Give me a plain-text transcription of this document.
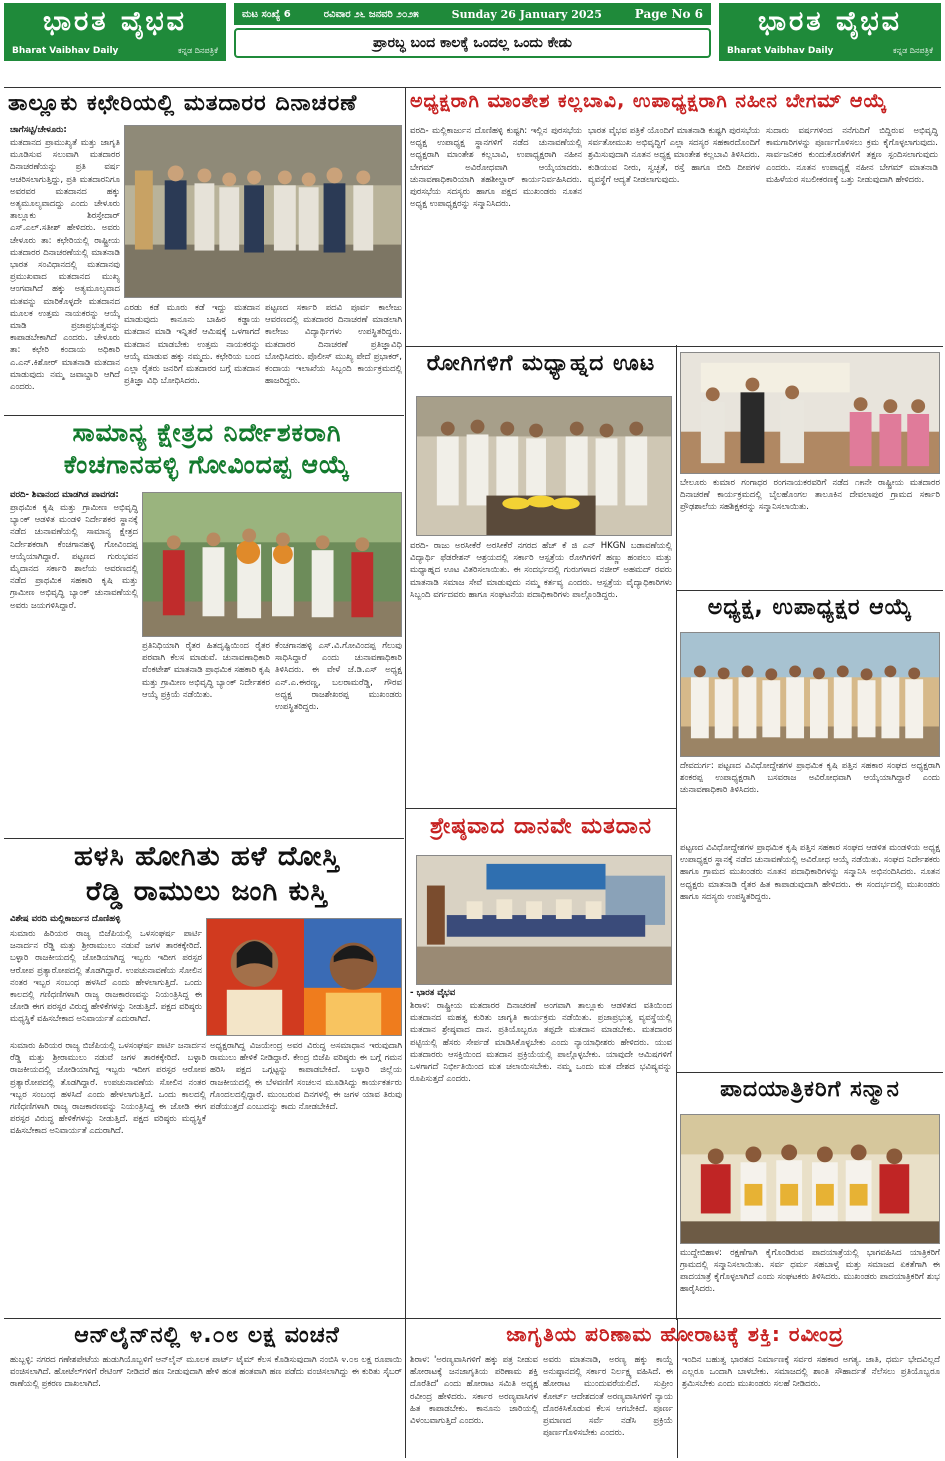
ಭಾರತ ವೈಭವ
Bharat Vaibhav Daily	ಕನ್ನಡ ದಿನಪತ್ರಿಕೆ
ಮಟ ಸಂಖ್ಯೆ 6	ರವಿವಾರ ೨೬ ಜನವರಿ ೨೦೨೫	Sunday 26 January 2025	Page No 6
ಪ್ರಾರಬ್ಧ ಬಂದ ಕಾಲಕ್ಕೆ ಒಂದಲ್ಲ ಒಂದು ಕೇಡು
ಭಾರತ ವೈಭವ
Bharat Vaibhav Daily	ಕನ್ನಡ ದಿನಪತ್ರಿಕೆ
ತಾಲ್ಲೂಕು ಕಛೇರಿಯಲ್ಲಿ ಮತದಾರರ ದಿನಾಚರಣೆ
ಚಾಗೆಸಟ್ಟಿ/ಚೇಳೂರು:
ಮತದಾನದ ಪ್ರಾಮುಖ್ಯತೆ ಮತ್ತು ಜಾಗೃತಿ ಮೂಡಿಸುವ ಸಲುವಾಗಿ ಮತದಾರರ ದಿನಾಚರಣೆಯನ್ನು ಪ್ರತಿ ವರ್ಷ ಆಚರಿಸಲಾಗುತ್ತಿದ್ದು, ಪ್ರತಿ ಮತದಾರನಿಗೂ ಅವರವರ ಮತದಾನದ ಹಕ್ಕು ಅತ್ಯಮೂಲ್ಯವಾದದ್ದು ಎಂದು ಚೇಳೂರು ತಾಲ್ಲೂಕು ಶಿರಸ್ತೇದಾರ್ ಎಸ್.ಎಲ್.ಸತೀಶ್ ಹೇಳಿದರು. ಅವರು ಚೇಳೂರು ತಾ: ಕಛೇರಿಯಲ್ಲಿ ರಾಷ್ಟ್ರೀಯ ಮತದಾರರ ದಿನಾಚರಣೆಯಲ್ಲಿ ಮಾತನಾಡಿ ಭಾರತ ಸಂವಿಧಾನದಲ್ಲಿ ಮತದಾನವು ಪ್ರಮುಖವಾದ ಮತದಾನದ ಮುಖ್ಯ ಆಂಗವಾಗಿದೆ ಹಕ್ಕು ಅತ್ಯಮೂಲ್ಯವಾದ ಮತವನ್ನು ಮಾರಿಕೊಳ್ಳದೇ ಮತದಾನದ ಮೂಲಕ ಉತ್ತಮ ನಾಯಕರನ್ನು ಆಯ್ಕೆ ಮಾಡಿ ಪ್ರಜಾಪ್ರಭುತ್ವವನ್ನು ಕಾಪಾಡಬೇಕಾಗಿದೆ ಎಂದರು. ಚೇಳೂರು ತಾ: ಕಛೇರಿ ಕಂದಾಯ ಅಧಿಕಾರಿ ಎ.ಎನ್.ಕಿಶೋರ್ ಮಾತನಾಡಿ ಮತದಾನ ಮಾಡುವುದು ನಮ್ಮ ಜವಾಬ್ದಾರಿ ಆಗಿದೆ ಎಂದರು.
ಎರಡು ಕಡೆ ಮೂರು ಕಡೆ ಇದ್ದು ಮತದಾನ ಮಾಡುವುದು ಕಾನೂನು ಬಾಹಿರ ಕಡ್ಡಾಯ ಮತದಾನ ಮಾಡಿ ಇನ್ನಿತರೆ ಆಮಿಷಕ್ಕೆ ಒಳಗಾಗದೆ ಮತದಾನ ಮಾಡಬೇಕು ಉತ್ತಮ ನಾಯಕರನ್ನು ಆಯ್ಕೆ ಮಾಡುವ ಹಕ್ಕು ನಮ್ಮದು. ಕಛೇರಿಯ ಬಂದ ಎಲ್ಲಾ ರೈತರು ಜನರಿಗೆ ಮತದಾರರ ಬಗ್ಗೆ ಮತದಾನ ಪ್ರತಿಜ್ಞಾ ವಿಧಿ ಬೋಧಿಸಿದರು.
ಪಟ್ಟಣದ ಸರ್ಕಾರಿ ಪದವಿ ಪೂರ್ವ ಕಾಲೇಜು ಆವರಣದಲ್ಲಿ ಮತದಾರರ ದಿನಾಚರಣೆ ಮಾಡಲಾಗಿ ಕಾಲೇಜು ವಿದ್ಯಾರ್ಥಿಗಳು ಉಪಸ್ಥಿತರಿದ್ದರು. ಮತದಾರರ ದಿನಾಚರಣೆ ಪ್ರತಿಜ್ಞಾವಿಧಿ ಬೋಧಿಸಿದರು. ಪೊಲೀಸ್ ಮುಖ್ಯ ಪೇದೆ ಪ್ರಭಾಕರ್, ಕಂದಾಯ ಇಲಾಖೆಯ ಸಿಬ್ಬಂದಿ ಕಾರ್ಯಕ್ರಮದಲ್ಲಿ ಹಾಜರಿದ್ದರು.
ಸಾಮಾನ್ಯ ಕ್ಷೇತ್ರದ ನಿರ್ದೇಶಕರಾಗಿ
ಕೆಂಚಗಾನಹಳ್ಳಿ ಗೋವಿಂದಪ್ಪ ಆಯ್ಕೆ
ವರದಿ- ಶಿವಾನಂದ ಮಾಡಗಿಡ ಪಾವಗಡ:
ಪ್ರಾಥಮಿಕ ಕೃಷಿ ಮತ್ತು ಗ್ರಾಮೀಣ ಅಭಿವೃದ್ಧಿ ಬ್ಯಾಂಕ್ ಆಡಳಿತ ಮಂಡಳಿ ನಿರ್ದೇಶಕರ ಸ್ಥಾನಕ್ಕೆ ನಡೆದ ಚುನಾವಣೆಯಲ್ಲಿ ಸಾಮಾನ್ಯ ಕ್ಷೇತ್ರದ ನಿರ್ದೇಶಕರಾಗಿ ಕೆಂಚಗಾನಹಳ್ಳಿ ಗೋವಿಂದಪ್ಪ ಆಯ್ಕೆಯಾಗಿದ್ದಾರೆ. ಪಟ್ಟಣದ ಗುರುಭವನ ಮೈದಾನದ ಸರ್ಕಾರಿ ಶಾಲೆಯ ಆವರಣದಲ್ಲಿ ನಡೆದ ಪ್ರಾಥಮಿಕ ಸಹಕಾರಿ ಕೃಷಿ ಮತ್ತು ಗ್ರಾಮೀಣ ಅಭಿವೃದ್ಧಿ ಬ್ಯಾಂಕ್ ಚುನಾವಣೆಯಲ್ಲಿ ಅವರು ಜಯಗಳಿಸಿದ್ದಾರೆ.
ಪ್ರತಿನಿಧಿಯಾಗಿ ರೈತರ ಹಿತದೃಷ್ಟಿಯಿಂದ ರೈತರ ಪರವಾಗಿ ಕೆಲಸ ಮಾಡುವೆ. ಚುನಾವಣಾಧಿಕಾರಿ ವೆಂಕಟೇಶ್ ಮಾತನಾಡಿ ಪ್ರಾಥಮಿಕ ಸಹಕಾರಿ ಕೃಷಿ ಮತ್ತು ಗ್ರಾಮೀಣ ಅಭಿವೃದ್ಧಿ ಬ್ಯಾಂಕ್ ನಿರ್ದೇಶಕರ ಆಯ್ಕೆ ಪ್ರಕ್ರಿಯೆ ನಡೆಯಿತು.
ಕೆಂಚಗಾನಹಳ್ಳಿ ಎಸ್.ವಿ.ಗೋವಿಂದಪ್ಪ ಗೆಲುವು ಸಾಧಿಸಿದ್ದಾರೆ ಎಂದು ಚುನಾವಣಾಧಿಕಾರಿ ತಿಳಿಸಿದರು. ಈ ವೇಳೆ ಜೆ.ಡಿ.ಎಸ್ ಅಧ್ಯಕ್ಷ ಎನ್.ಎ.ಈರಣ್ಣ, ಬಲರಾಮರೆಡ್ಡಿ, ಗೌರವ ಅಧ್ಯಕ್ಷ ರಾಜಶೇಖರಪ್ಪ ಮುಖಂಡರು ಉಪಸ್ಥಿತರಿದ್ದರು.
ಹಳಸಿ ಹೋಗಿತು ಹಳೆ ದೋಸ್ತಿ
ರೆಡ್ಡಿ ರಾಮುಲು ಜಂಗಿ ಕುಸ್ತಿ
ವಿಶೇಷ ವರದಿ ಮಲ್ಲಿಕಾರ್ಜುನ ದೊಣಿಹಳ್ಳಿ
ಸುಮಾರು ಹಿರಿಯರ ರಾಜ್ಯ ಬಿಜೆಪಿಯಲ್ಲಿ ಒಳಸಂಘರ್ಷ ಪಾರ್ಟಿ ಜನಾರ್ದನ ರೆಡ್ಡಿ ಮತ್ತು ಶ್ರೀರಾಮುಲು ನಡುವೆ ಜಗಳ ತಾರಕಕ್ಕೇರಿದೆ. ಬಳ್ಳಾರಿ ರಾಜಕೀಯದಲ್ಲಿ ಜೋಡಿಯಾಗಿದ್ದ ಇಬ್ಬರು ಇದೀಗ ಪರಸ್ಪರ ಆರೋಪ ಪ್ರತ್ಯಾರೋಪದಲ್ಲಿ ತೊಡಗಿದ್ದಾರೆ. ಉಪಚುನಾವಣೆಯ ಸೋಲಿನ ನಂತರ ಇಬ್ಬರ ಸಂಬಂಧ ಹಳಸಿದೆ ಎಂದು ಹೇಳಲಾಗುತ್ತಿದೆ. ಒಂದು ಕಾಲದಲ್ಲಿ ಗಣಿಧಣಿಗಳಾಗಿ ರಾಜ್ಯ ರಾಜಕಾರಣವನ್ನು ನಿಯಂತ್ರಿಸಿದ್ದ ಈ ಜೋಡಿ ಈಗ ಪರಸ್ಪರ ವಿರುದ್ಧ ಹೇಳಿಕೆಗಳನ್ನು ನೀಡುತ್ತಿದೆ. ಪಕ್ಷದ ವರಿಷ್ಠರು ಮಧ್ಯಸ್ಥಿಕೆ ವಹಿಸಬೇಕಾದ ಅನಿವಾರ್ಯತೆ ಎದುರಾಗಿದೆ.
ಸುಮಾರು ಹಿರಿಯರ ರಾಜ್ಯ ಬಿಜೆಪಿಯಲ್ಲಿ ಒಳಸಂಘರ್ಷ ಪಾರ್ಟಿ ಜನಾರ್ದನ ರೆಡ್ಡಿ ಮತ್ತು ಶ್ರೀರಾಮುಲು ನಡುವೆ ಜಗಳ ತಾರಕಕ್ಕೇರಿದೆ. ಬಳ್ಳಾರಿ ರಾಜಕೀಯದಲ್ಲಿ ಜೋಡಿಯಾಗಿದ್ದ ಇಬ್ಬರು ಇದೀಗ ಪರಸ್ಪರ ಆರೋಪ ಪ್ರತ್ಯಾರೋಪದಲ್ಲಿ ತೊಡಗಿದ್ದಾರೆ. ಉಪಚುನಾವಣೆಯ ಸೋಲಿನ ನಂತರ ಇಬ್ಬರ ಸಂಬಂಧ ಹಳಸಿದೆ ಎಂದು ಹೇಳಲಾಗುತ್ತಿದೆ. ಒಂದು ಕಾಲದಲ್ಲಿ ಗಣಿಧಣಿಗಳಾಗಿ ರಾಜ್ಯ ರಾಜಕಾರಣವನ್ನು ನಿಯಂತ್ರಿಸಿದ್ದ ಈ ಜೋಡಿ ಈಗ ಪರಸ್ಪರ ವಿರುದ್ಧ ಹೇಳಿಕೆಗಳನ್ನು ನೀಡುತ್ತಿದೆ. ಪಕ್ಷದ ವರಿಷ್ಠರು ಮಧ್ಯಸ್ಥಿಕೆ ವಹಿಸಬೇಕಾದ ಅನಿವಾರ್ಯತೆ ಎದುರಾಗಿದೆ.
ಅಧ್ಯಕ್ಷರಾಗಿದ್ದ ವಿಜಯೇಂದ್ರ ಅವರ ವಿರುದ್ಧ ಅಸಮಾಧಾನ ಇರುವುದಾಗಿ ರಾಮುಲು ಹೇಳಿಕೆ ನೀಡಿದ್ದಾರೆ. ಕೇಂದ್ರ ಬಿಜೆಪಿ ವರಿಷ್ಠರು ಈ ಬಗ್ಗೆ ಗಮನ ಹರಿಸಿ ಪಕ್ಷದ ಒಗ್ಗಟ್ಟನ್ನು ಕಾಪಾಡಬೇಕಿದೆ. ಬಳ್ಳಾರಿ ಜಿಲ್ಲೆಯ ರಾಜಕೀಯದಲ್ಲಿ ಈ ಬೆಳವಣಿಗೆ ಸಂಚಲನ ಮೂಡಿಸಿದ್ದು ಕಾರ್ಯಕರ್ತರು ಗೊಂದಲದಲ್ಲಿದ್ದಾರೆ. ಮುಂಬರುವ ದಿನಗಳಲ್ಲಿ ಈ ಜಗಳ ಯಾವ ತಿರುವು ಪಡೆಯುತ್ತದೆ ಎಂಬುದನ್ನು ಕಾದು ನೋಡಬೇಕಿದೆ.
ಆನ್‌ಲೈನ್‌ನಲ್ಲಿ ೪.೦೮ ಲಕ್ಷ ವಂಚನೆ
ಹುಬ್ಬಳ್ಳಿ: ನಗರದ ಗಣೇಶಪೇಟೆಯ ಹುಡುಗಿಯೊಬ್ಬಳಿಗೆ ಆನ್‌ಲೈನ್ ಮೂಲಕ ಪಾರ್ಟ್ ಟೈಮ್ ಕೆಲಸ ಕೊಡಿಸುವುದಾಗಿ ನಂಬಿಸಿ ೪.೦೮ ಲಕ್ಷ ರೂಪಾಯಿ ವಂಚಿಸಲಾಗಿದೆ. ಹೋಟೆಲ್‌ಗಳಿಗೆ ರೇಟಿಂಗ್ ನೀಡಿದರೆ ಹಣ ನೀಡುವುದಾಗಿ ಹೇಳಿ ಹಂತ ಹಂತವಾಗಿ ಹಣ ಪಡೆದು ವಂಚಿಸಲಾಗಿದ್ದು ಈ ಕುರಿತು ಸೈಬರ್ ಠಾಣೆಯಲ್ಲಿ ಪ್ರಕರಣ ದಾಖಲಾಗಿದೆ.
ಅಧ್ಯಕ್ಷರಾಗಿ ಮಾಂತೇಶ ಕಲ್ಲಬಾವಿ, ಉಪಾಧ್ಯಕ್ಷರಾಗಿ ನಹೀನ ಬೇಗಮ್ ಆಯ್ಕೆ
ವರದಿ- ಮಲ್ಲಿಕಾರ್ಜುನ ದೊಣಿಹಳ್ಳಿ ಕುಷ್ಟಗಿ: ಇಲ್ಲಿನ ಪುರಸಭೆಯ ಅಧ್ಯಕ್ಷ ಉಪಾಧ್ಯಕ್ಷ ಸ್ಥಾನಗಳಿಗೆ ನಡೆದ ಚುನಾವಣೆಯಲ್ಲಿ ಅಧ್ಯಕ್ಷರಾಗಿ ಮಾಂತೇಶ ಕಲ್ಲಬಾವಿ, ಉಪಾಧ್ಯಕ್ಷರಾಗಿ ನಹೀನ ಬೇಗಮ್ ಅವಿರೋಧವಾಗಿ ಆಯ್ಕೆಯಾದರು. ಚುನಾವಣಾಧಿಕಾರಿಯಾಗಿ ತಹಶೀಲ್ದಾರ್ ಕಾರ್ಯನಿರ್ವಹಿಸಿದರು. ಪುರಸಭೆಯ ಸದಸ್ಯರು ಹಾಗೂ ಪಕ್ಷದ ಮುಖಂಡರು ನೂತನ ಅಧ್ಯಕ್ಷ ಉಪಾಧ್ಯಕ್ಷರನ್ನು ಸನ್ಮಾನಿಸಿದರು.
ಭಾರತ ವೈಭವ ಪತ್ರಿಕೆ ಯೊಂದಿಗೆ ಮಾತನಾಡಿ ಕುಷ್ಟಗಿ ಪುರಸಭೆಯ ಸರ್ವತೋಮುಖ ಅಭಿವೃದ್ಧಿಗೆ ಎಲ್ಲಾ ಸದಸ್ಯರ ಸಹಕಾರದೊಂದಿಗೆ ಶ್ರಮಿಸುವುದಾಗಿ ನೂತನ ಅಧ್ಯಕ್ಷ ಮಾಂತೇಶ ಕಲ್ಲಬಾವಿ ತಿಳಿಸಿದರು. ಕುಡಿಯುವ ನೀರು, ಸ್ವಚ್ಛತೆ, ರಸ್ತೆ ಹಾಗೂ ಬೀದಿ ದೀಪಗಳ ವ್ಯವಸ್ಥೆಗೆ ಆದ್ಯತೆ ನೀಡಲಾಗುವುದು.
ಸುದಾರು ವರ್ಷಗಳಿಂದ ನನೆಗುದಿಗೆ ಬಿದ್ದಿರುವ ಅಭಿವೃದ್ಧಿ ಕಾಮಗಾರಿಗಳನ್ನು ಪೂರ್ಣಗೊಳಿಸಲು ಕ್ರಮ ಕೈಗೊಳ್ಳಲಾಗುವುದು. ಸಾರ್ವಜನಿಕರ ಕುಂದುಕೊರತೆಗಳಿಗೆ ತಕ್ಷಣ ಸ್ಪಂದಿಸಲಾಗುವುದು ಎಂದರು. ನೂತನ ಉಪಾಧ್ಯಕ್ಷೆ ನಹೀನ ಬೇಗಮ್ ಮಾತನಾಡಿ ಮಹಿಳೆಯರ ಸಬಲೀಕರಣಕ್ಕೆ ಒತ್ತು ನೀಡುವುದಾಗಿ ಹೇಳಿದರು.
ರೋಗಿಗಳಿಗೆ ಮಧ್ಯಾಹ್ನದ ಊಟ
ವರದಿ- ರಾಜು ಅರಸೀಕೆರೆ ಅರಸೀಕೆರೆ ನಗರದ ಹೆಚ್ ಕೆ ಜಿ ಎನ್ HKGN ಬಡಾವಣೆಯಲ್ಲಿ ವಿದ್ಯಾರ್ಥಿ ಫೆಡರೇಶನ್ ಆಶ್ರಯದಲ್ಲಿ ಸರ್ಕಾರಿ ಆಸ್ಪತ್ರೆಯ ರೋಗಿಗಳಿಗೆ ಹಣ್ಣು ಹಂಪಲು ಮತ್ತು ಮಧ್ಯಾಹ್ನದ ಊಟ ವಿತರಿಸಲಾಯಿತು. ಈ ಸಂದರ್ಭದಲ್ಲಿ ಗುರುಗಳಾದ ನಜೀರ್ ಅಹಮದ್ ರವರು ಮಾತನಾಡಿ ಸಮಾಜ ಸೇವೆ ಮಾಡುವುದು ನಮ್ಮ ಕರ್ತವ್ಯ ಎಂದರು. ಆಸ್ಪತ್ರೆಯ ವೈದ್ಯಾಧಿಕಾರಿಗಳು ಸಿಬ್ಬಂದಿ ವರ್ಗದವರು ಹಾಗೂ ಸಂಘಟನೆಯ ಪದಾಧಿಕಾರಿಗಳು ಪಾಲ್ಗೊಂಡಿದ್ದರು.
ಬೇಲೂರು ಕುಮಾರ ಗಂಗಾಧರ ರಂಗನಾಯಕರವರಿಗೆ ನಡೆದ ೧೫ನೇ ರಾಷ್ಟ್ರೀಯ ಮತದಾರರ ದಿನಾಚರಣೆ ಕಾರ್ಯಕ್ರಮದಲ್ಲಿ ಬೈಲಹೊಂಗಲ ತಾಲೂಕಿನ ದೇವಲಾಪುರ ಗ್ರಾಮದ ಸರ್ಕಾರಿ ಪ್ರೌಢಶಾಲೆಯ ಸಹಶಿಕ್ಷಕರನ್ನು ಸನ್ಮಾನಿಸಲಾಯಿತು.
ಅಧ್ಯಕ್ಷ, ಉಪಾಧ್ಯಕ್ಷರ ಆಯ್ಕೆ
ದೇವದುರ್ಗ: ಪಟ್ಟಣದ ವಿವಿಧೋದ್ದೇಶಗಳ ಪ್ರಾಥಮಿಕ ಕೃಷಿ ಪತ್ತಿನ ಸಹಕಾರ ಸಂಘದ ಅಧ್ಯಕ್ಷರಾಗಿ ಶಂಕರಪ್ಪ ಉಪಾಧ್ಯಕ್ಷರಾಗಿ ಬಸವರಾಜ ಅವಿರೋಧವಾಗಿ ಆಯ್ಕೆಯಾಗಿದ್ದಾರೆ ಎಂದು ಚುನಾವಣಾಧಿಕಾರಿ ತಿಳಿಸಿದರು.
ಪಟ್ಟಣದ ವಿವಿಧೋದ್ದೇಶಗಳ ಪ್ರಾಥಮಿಕ ಕೃಷಿ ಪತ್ತಿನ ಸಹಕಾರ ಸಂಘದ ಆಡಳಿತ ಮಂಡಳಿಯ ಅಧ್ಯಕ್ಷ ಉಪಾಧ್ಯಕ್ಷರ ಸ್ಥಾನಕ್ಕೆ ನಡೆದ ಚುನಾವಣೆಯಲ್ಲಿ ಅವಿರೋಧ ಆಯ್ಕೆ ನಡೆಯಿತು. ಸಂಘದ ನಿರ್ದೇಶಕರು ಹಾಗೂ ಗ್ರಾಮದ ಮುಖಂಡರು ನೂತನ ಪದಾಧಿಕಾರಿಗಳನ್ನು ಸನ್ಮಾನಿಸಿ ಅಭಿನಂದಿಸಿದರು. ನೂತನ ಅಧ್ಯಕ್ಷರು ಮಾತನಾಡಿ ರೈತರ ಹಿತ ಕಾಪಾಡುವುದಾಗಿ ಹೇಳಿದರು. ಈ ಸಂದರ್ಭದಲ್ಲಿ ಮುಖಂಡರು ಹಾಗೂ ಸದಸ್ಯರು ಉಪಸ್ಥಿತರಿದ್ದರು.
ಶ್ರೇಷ್ಠವಾದ ದಾನವೇ ಮತದಾನ
- ಭಾರತ ವೈಭವ
ಶಿರಾಳ: ರಾಷ್ಟ್ರೀಯ ಮತದಾರರ ದಿನಾಚರಣೆ ಅಂಗವಾಗಿ ತಾಲ್ಲೂಕು ಆಡಳಿತದ ವತಿಯಿಂದ ಮತದಾನದ ಮಹತ್ವ ಕುರಿತು ಜಾಗೃತಿ ಕಾರ್ಯಕ್ರಮ ನಡೆಯಿತು. ಪ್ರಜಾಪ್ರಭುತ್ವ ವ್ಯವಸ್ಥೆಯಲ್ಲಿ ಮತದಾನ ಶ್ರೇಷ್ಠವಾದ ದಾನ. ಪ್ರತಿಯೊಬ್ಬರೂ ತಪ್ಪದೇ ಮತದಾನ ಮಾಡಬೇಕು. ಮತದಾರರ ಪಟ್ಟಿಯಲ್ಲಿ ಹೆಸರು ಸೇರ್ಪಡೆ ಮಾಡಿಸಿಕೊಳ್ಳಬೇಕು ಎಂದು ನ್ಯಾಯಾಧೀಶರು ಹೇಳಿದರು. ಯುವ ಮತದಾರರು ಆಸಕ್ತಿಯಿಂದ ಮತದಾನ ಪ್ರಕ್ರಿಯೆಯಲ್ಲಿ ಪಾಲ್ಗೊಳ್ಳಬೇಕು. ಯಾವುದೇ ಆಮಿಷಗಳಿಗೆ ಒಳಗಾಗದೆ ನಿರ್ಭೀತಿಯಿಂದ ಮತ ಚಲಾಯಿಸಬೇಕು. ನಮ್ಮ ಒಂದು ಮತ ದೇಶದ ಭವಿಷ್ಯವನ್ನು ರೂಪಿಸುತ್ತದೆ ಎಂದರು.	ಪಾದಯಾತ್ರಿಕರಿಗೆ ಸನ್ಮಾನ
ಮುದ್ದೇಬಿಹಾಳ: ರಕ್ಷಣೆಗಾಗಿ ಕೈಗೊಂಡಿರುವ ಪಾದಯಾತ್ರೆಯಲ್ಲಿ ಭಾಗವಹಿಸಿದ ಯಾತ್ರಿಕರಿಗೆ ಗ್ರಾಮದಲ್ಲಿ ಸನ್ಮಾನಿಸಲಾಯಿತು. ಸರ್ವ ಧರ್ಮ ಸಹಬಾಳ್ವೆ ಮತ್ತು ಸಮಾಜದ ಏಕತೆಗಾಗಿ ಈ ಪಾದಯಾತ್ರೆ ಕೈಗೊಳ್ಳಲಾಗಿದೆ ಎಂದು ಸಂಘಟಕರು ತಿಳಿಸಿದರು. ಮುಖಂಡರು ಪಾದಯಾತ್ರಿಕರಿಗೆ ಶುಭ ಹಾರೈಸಿದರು.
ಜಾಗೃತಿಯ ಪರಿಣಾಮ ಹೋರಾಟಕ್ಕೆ ಶಕ್ತಿ: ರವೀಂದ್ರ
ಶಿರಾಳ: 'ಅರಣ್ಯವಾಸಿಗಳಿಗೆ ಹಕ್ಕು ಪತ್ರ ನೀಡುವ ಹೋರಾಟಕ್ಕೆ ಜನಜಾಗೃತಿಯ ಪರಿಣಾಮ ಶಕ್ತಿ ದೊರೆತಿದೆ' ಎಂದು ಹೋರಾಟ ಸಮಿತಿ ಅಧ್ಯಕ್ಷ ರವೀಂದ್ರ ಹೇಳಿದರು. ಸರ್ಕಾರ ಅರಣ್ಯವಾಸಿಗಳ ಹಿತ ಕಾಪಾಡಬೇಕು. ಕಾನೂನು ಜಾರಿಯಲ್ಲಿ ವಿಳಂಬವಾಗುತ್ತಿದೆ ಎಂದರು.
ಅವರು ಮಾತನಾಡಿ, ಅರಣ್ಯ ಹಕ್ಕು ಕಾಯ್ದೆ ಅನುಷ್ಠಾನದಲ್ಲಿ ಸರ್ಕಾರ ನಿರ್ಲಕ್ಷ್ಯ ವಹಿಸಿದೆ. ಈ ಹೋರಾಟ ಮುಂದುವರೆಯಲಿದೆ. ಸುಪ್ರೀಂ ಕೋರ್ಟ್ ಆದೇಶದಂತೆ ಅರಣ್ಯವಾಸಿಗಳಿಗೆ ನ್ಯಾಯ ದೊರಕಿಸಿಕೊಡುವ ಕೆಲಸ ಆಗಬೇಕಿದೆ. ಪೂರ್ಣ ಪ್ರಮಾಣದ ಸರ್ವೆ ನಡೆಸಿ ಪ್ರಕ್ರಿಯೆ ಪೂರ್ಣಗೊಳಿಸಬೇಕು ಎಂದರು.
ಇಂದಿನ ಬಹುತ್ವ ಭಾರತದ ನಿರ್ಮಾಣಕ್ಕೆ ಸರ್ವರ ಸಹಕಾರ ಅಗತ್ಯ. ಜಾತಿ, ಧರ್ಮ ಭೇದವಿಲ್ಲದೆ ಎಲ್ಲರೂ ಒಂದಾಗಿ ಬಾಳಬೇಕು. ಸಮಾಜದಲ್ಲಿ ಶಾಂತಿ ಸೌಹಾರ್ದತೆ ನೆಲೆಸಲು ಪ್ರತಿಯೊಬ್ಬರೂ ಶ್ರಮಿಸಬೇಕು ಎಂದು ಮುಖಂಡರು ಸಲಹೆ ನೀಡಿದರು.
